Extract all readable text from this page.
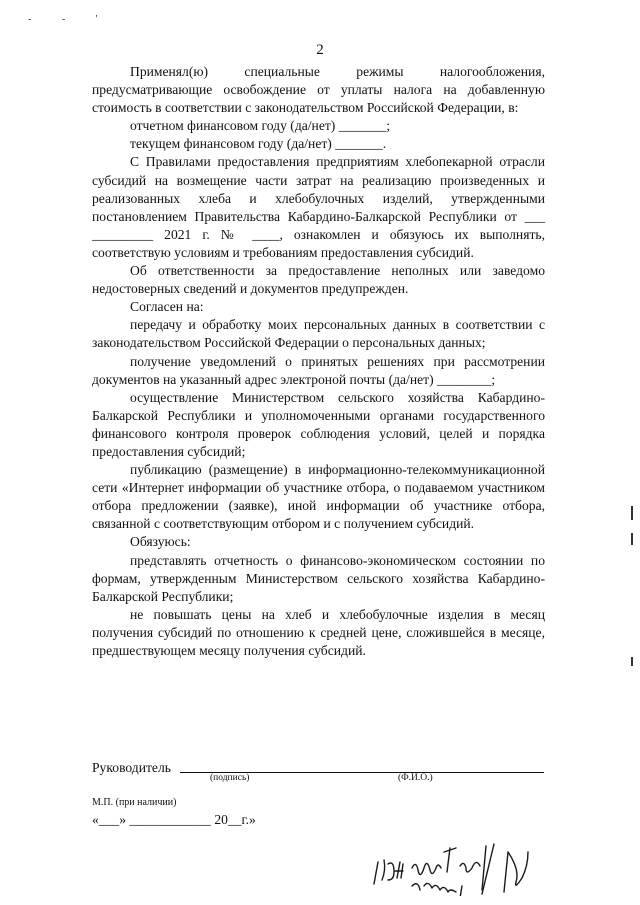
- - '
2

Применял(ю) специальные режимы налогообложения, предусматривающие освобождение от уплаты налога на добавленную стоимость в соответствии с законодательством Российской Федерации, в:

отчетном финансовом году (да/нет) _______;

текущем финансовом году (да/нет) _______.

С Правилами предоставления предприятиям хлебопекарной отрасли субсидий на возмещение части затрат на реализацию произведенных и реализованных хлеба и хлебобулочных изделий, утвержденными постановлением Правительства Кабардино-Балкарской Республики от ___ _________ 2021 г. № ____, ознакомлен и обязуюсь их выполнять, соответствую условиям и требованиям предоставления субсидий.

Об ответственности за предоставление неполных или заведомо недостоверных сведений и документов предупрежден.

Согласен на:

передачу и обработку моих персональных данных в соответствии с законодательством Российской Федерации о персональных данных;

получение уведомлений о принятых решениях при рассмотрении документов на указанный адрес электроной почты (да/нет) ________;

осуществление Министерством сельского хозяйства Кабардино-Балкарской Республики и уполномоченными органами государственного финансового контроля проверок соблюдения условий, целей и порядка предоставления субсидий;

публикацию (размещение) в информационно-телекоммуникационной сети «Интернет информации об участнике отбора, о подаваемом участником отбора предложении (заявке), иной информации об участнике отбора, связанной с соответствующим отбором и с получением субсидий.

Обязуюсь:

представлять отчетность о финансово-экономическом состоянии по формам, утвержденным Министерством сельского хозяйства Кабардино-Балкарской Республики;

не повышать цены на хлеб и хлебобулочные изделия в месяц получения субсидий по отношению к средней цене, сложившейся в месяце, предшествующем месяцу получения субсидий.

Руководитель
(подпись)	(Ф.И.О.)
М.П. (при наличии)
«___» ____________ 20__г.»
